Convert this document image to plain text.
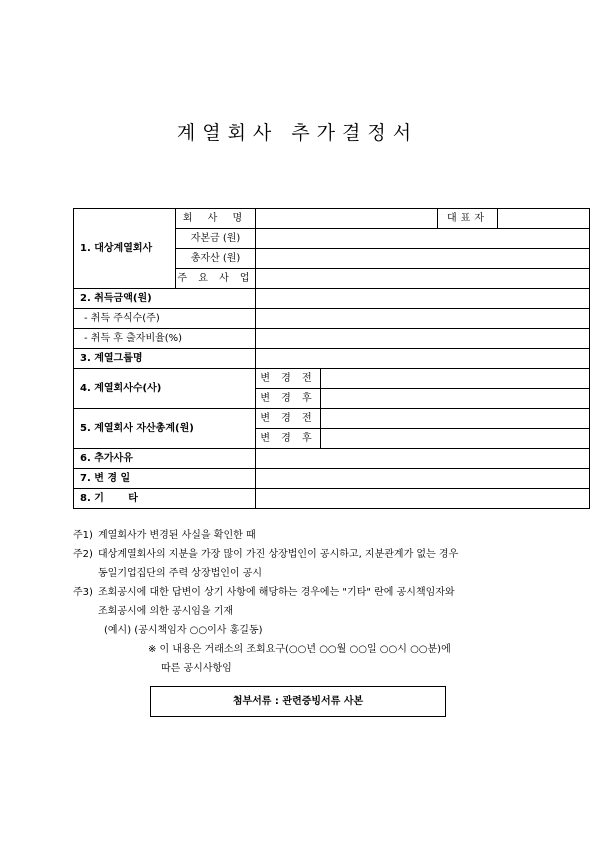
계열회사 추가결정서
1. 대상계열회사	회 사 명			대표자	
	자본금 (원)				
	총자산 (원)				
	주 요 사 업				
2. 취득금액(원)					
- 취득 주식수(주)					
- 취득 후 출자비율(%)					
3. 계열그룹명					
4. 계열회사수(사)		변 경 전			
		변 경 후			
5. 계열회사 자산총계(원)		변 경 전			
		변 경 후			
6. 추가사유					
7. 변 경 일					
8. 기       타					
주1) 계열회사가 변경된 사실을 확인한 때
주2) 대상계열회사의 지분을 가장 많이 가진 상장법인이 공시하고, 지분관계가 없는 경우
동일기업집단의 주력 상장법인이 공시
주3) 조회공시에 대한 답변이 상기 사항에 해당하는 경우에는 "기타" 란에 공시책임자와
조회공시에 의한 공시임을 기재
(예시) (공시책임자 ○○이사 홍길동)
※ 이 내용은 거래소의 조회요구(○○년 ○○월 ○○일 ○○시 ○○분)에
따른 공시사항임
첨부서류 : 관련증빙서류 사본
